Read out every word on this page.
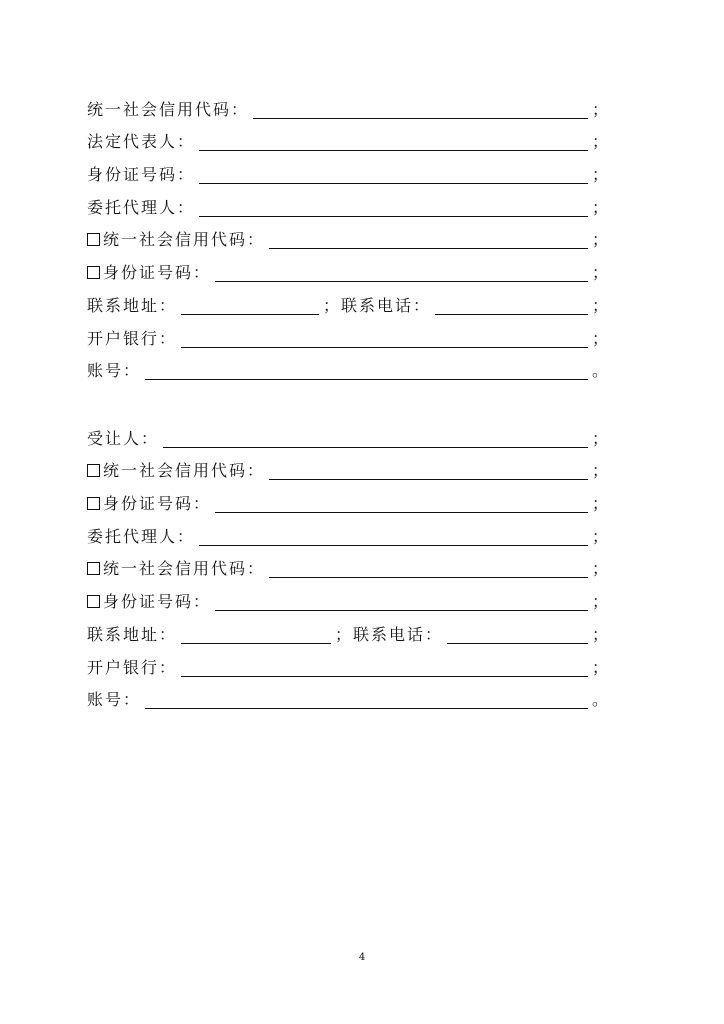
统一社会信用代码：	；
法定代表人：	；
身份证号码：	；
委托代理人：	；
统一社会信用代码：	；
身份证号码：	；
联系地址：	；联系电话：	；
开户银行：	；
账号：	。
受让人：	；
统一社会信用代码：	；
身份证号码：	；
委托代理人：	；
统一社会信用代码：	；
身份证号码：	；
联系地址：	；联系电话：	；
开户银行：	；
账号：	。
4
